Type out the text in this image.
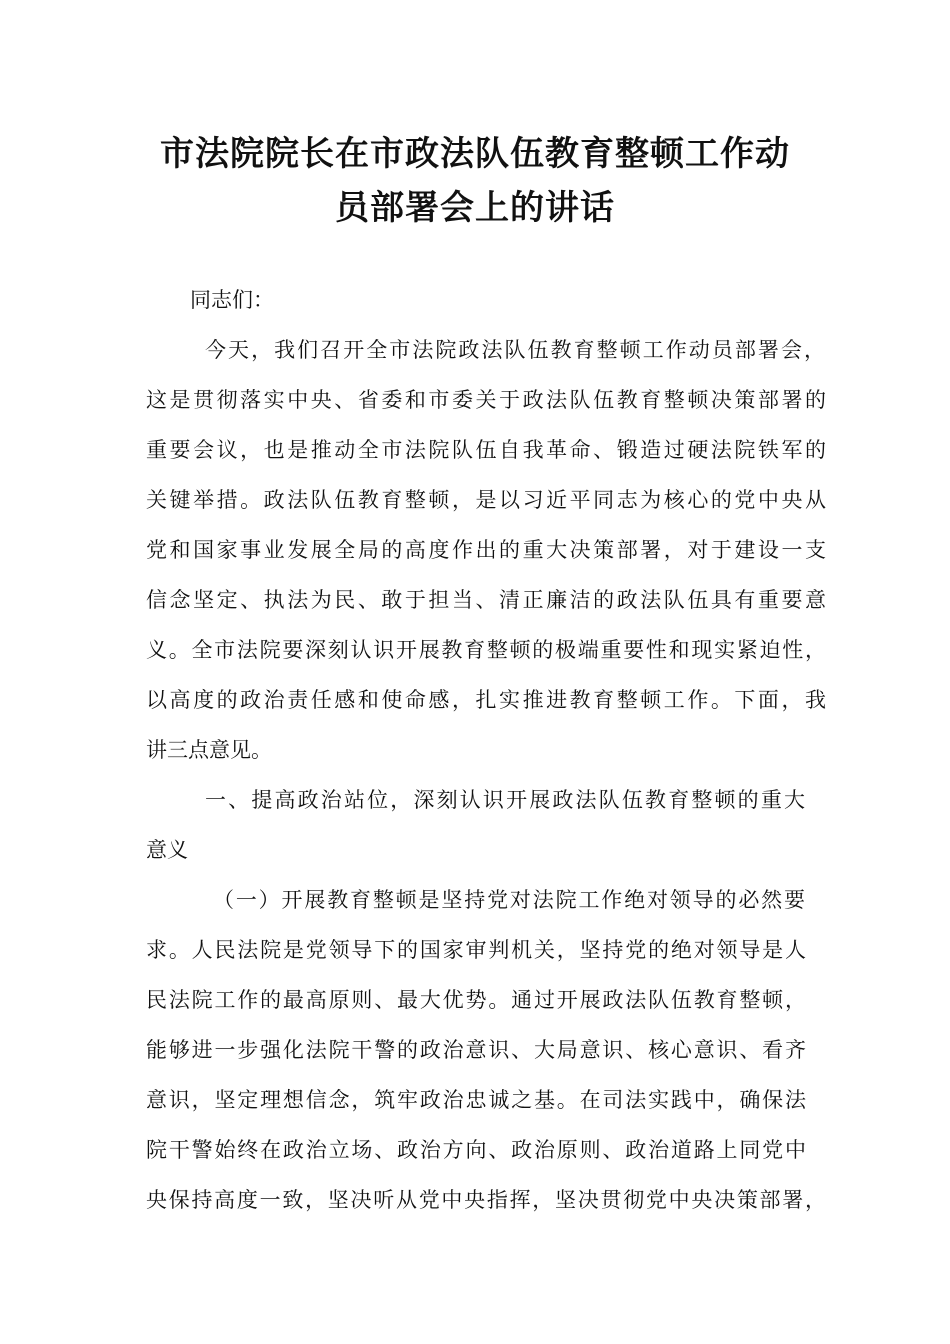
市法院院长在市政法队伍教育整顿工作动
员部署会上的讲话
同志们：
今天，我们召开全市法院政法队伍教育整顿工作动员部署会，
这是贯彻落实中央、省委和市委关于政法队伍教育整顿决策部署的
重要会议，也是推动全市法院队伍自我革命、锻造过硬法院铁军的
关键举措。政法队伍教育整顿，是以习近平同志为核心的党中央从
党和国家事业发展全局的高度作出的重大决策部署，对于建设一支
信念坚定、执法为民、敢于担当、清正廉洁的政法队伍具有重要意
义。全市法院要深刻认识开展教育整顿的极端重要性和现实紧迫性，
以高度的政治责任感和使命感，扎实推进教育整顿工作。下面，我
讲三点意见。
一、提高政治站位，深刻认识开展政法队伍教育整顿的重大
意义
（一）开展教育整顿是坚持党对法院工作绝对领导的必然要
求。人民法院是党领导下的国家审判机关，坚持党的绝对领导是人
民法院工作的最高原则、最大优势。通过开展政法队伍教育整顿，
能够进一步强化法院干警的政治意识、大局意识、核心意识、看齐
意识，坚定理想信念，筑牢政治忠诚之基。在司法实践中，确保法
院干警始终在政治立场、政治方向、政治原则、政治道路上同党中
央保持高度一致，坚决听从党中央指挥，坚决贯彻党中央决策部署，
